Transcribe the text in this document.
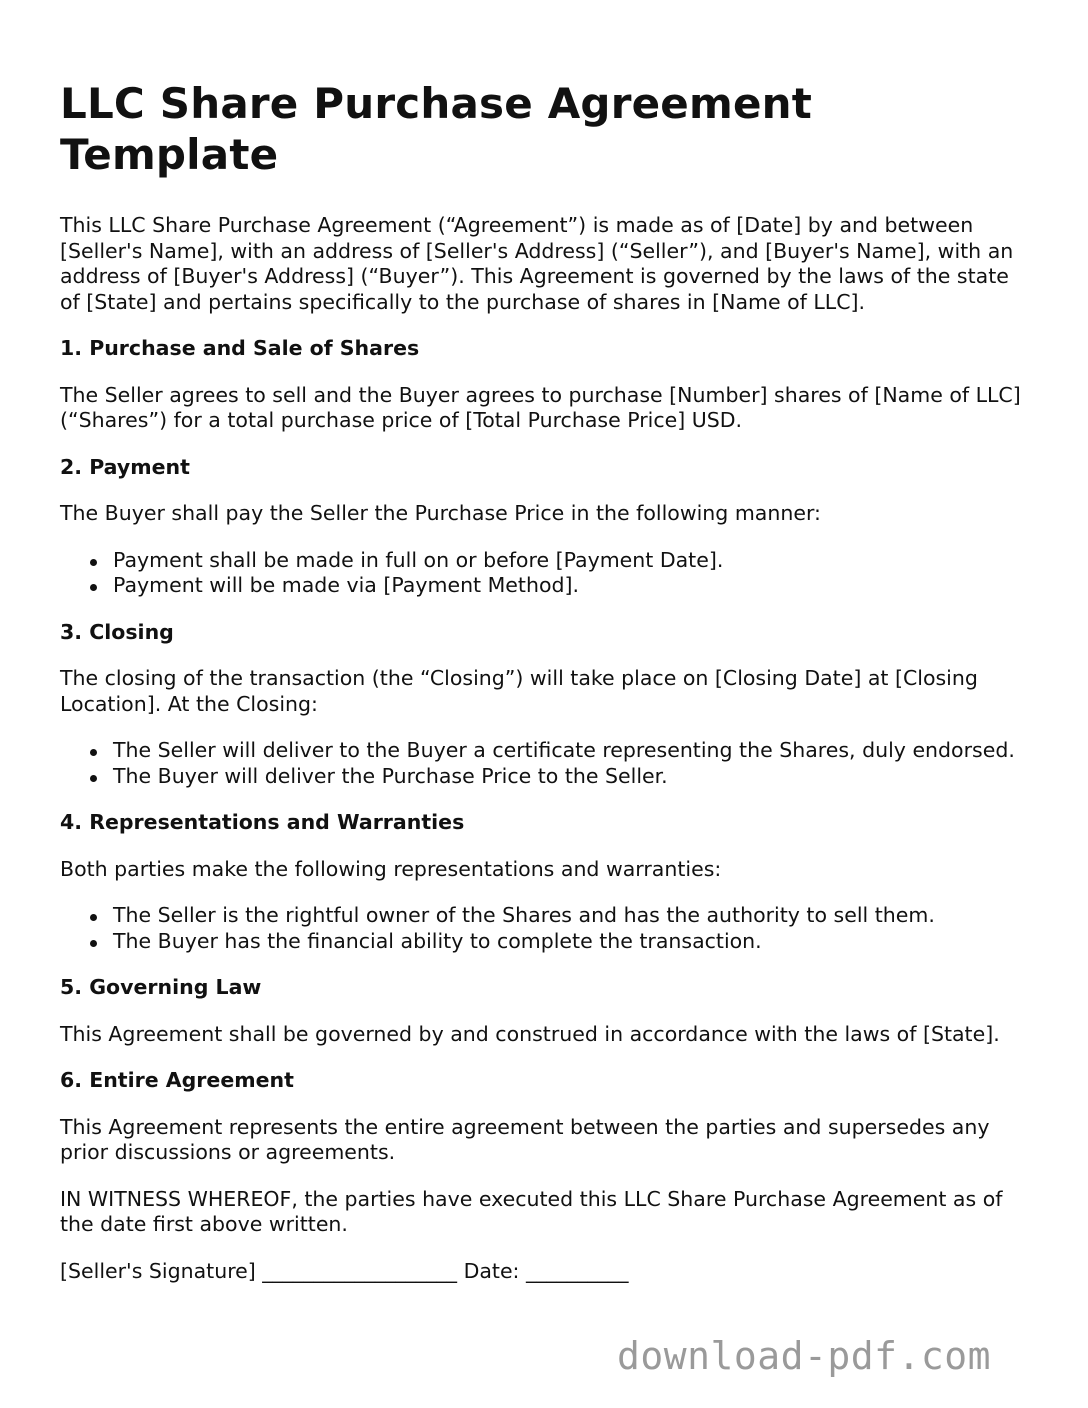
LLC Share Purchase Agreement Template

This LLC Share Purchase Agreement (“Agreement”) is made as of [Date] by and between [Seller's Name], with an address of [Seller's Address] (“Seller”), and [Buyer's Name], with an address of [Buyer's Address] (“Buyer”). This Agreement is governed by the laws of the state of [State] and pertains specifically to the purchase of shares in [Name of LLC].

1. Purchase and Sale of Shares

The Seller agrees to sell and the Buyer agrees to purchase [Number] shares of [Name of LLC] (“Shares”) for a total purchase price of [Total Purchase Price] USD.

2. Payment

The Buyer shall pay the Seller the Purchase Price in the following manner:

Payment shall be made in full on or before [Payment Date].
Payment will be made via [Payment Method].
3. Closing

The closing of the transaction (the “Closing”) will take place on [Closing Date] at [Closing Location]. At the Closing:

The Seller will deliver to the Buyer a certificate representing the Shares, duly endorsed.
The Buyer will deliver the Purchase Price to the Seller.
4. Representations and Warranties

Both parties make the following representations and warranties:

The Seller is the rightful owner of the Shares and has the authority to sell them.
The Buyer has the financial ability to complete the transaction.
5. Governing Law

This Agreement shall be governed by and construed in accordance with the laws of [State].

6. Entire Agreement

This Agreement represents the entire agreement between the parties and supersedes any prior discussions or agreements.

IN WITNESS WHEREOF, the parties have executed this LLC Share Purchase Agreement as of the date first above written.

[Seller's Signature] ___________________ Date: __________

download-pdf.com
